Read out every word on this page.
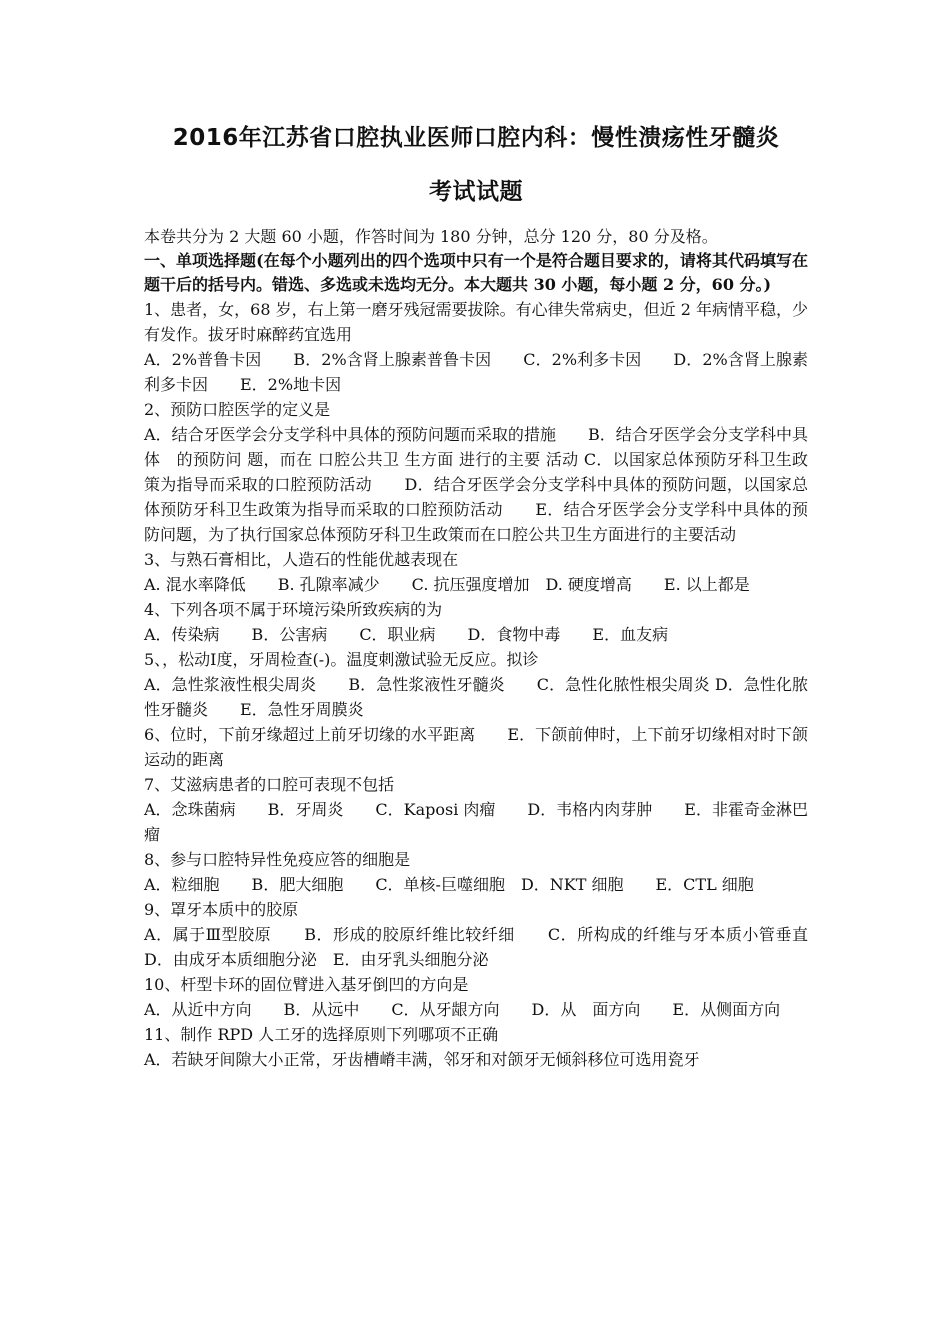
2016年江苏省口腔执业医师口腔内科：慢性溃疡性牙髓炎
考试试题

本卷共分为 2 大题 60 小题，作答时间为 180 分钟，总分 120 分，80 分及格。

一、单项选择题(在每个小题列出的四个选项中只有一个是符合题目要求的，请将其代码填写在题干后的括号内。错选、多选或未选均无分。本大题共 30 小题，每小题 2 分，60 分。)

1、患者，女，68 岁，右上第一磨牙残冠需要拔除。有心律失常病史，但近 2 年病情平稳，少有发作。拔牙时麻醉药宜选用

A．2%普鲁卡因　　B．2%含肾上腺素普鲁卡因　　C．2%利多卡因　　D．2%含肾上腺素利多卡因　　E．2%地卡因

2、预防口腔医学的定义是

A．结合牙医学会分支学科中具体的预防问题而采取的措施　　B．结合牙医学会分支学科中具体　的预防问 题，而在 口腔公共卫 生方面 进行的主要 活动 C．以国家总体预防牙科卫生政策为指导而采取的口腔预防活动　　D．结合牙医学会分支学科中具体的预防问题，以国家总体预防牙科卫生政策为指导而采取的口腔预防活动　　E．结合牙医学会分支学科中具体的预防问题，为了执行国家总体预防牙科卫生政策而在口腔公共卫生方面进行的主要活动

3、与熟石膏相比，人造石的性能优越表现在

A. 混水率降低　　B. 孔隙率减少　　C. 抗压强度增加　D. 硬度增高　　E. 以上都是

4、下列各项不属于环境污染所致疾病的为

A．传染病　　B．公害病　　C．职业病　　D．食物中毒　　E．血友病

5、，松动Ⅰ度，牙周检查(-)。温度刺激试验无反应。拟诊

A．急性浆液性根尖周炎　　B．急性浆液性牙髓炎　　C．急性化脓性根尖周炎 D．急性化脓性牙髓炎　　E．急性牙周膜炎

6、位时，下前牙缘超过上前牙切缘的水平距离　　E．下颌前伸时，上下前牙切缘相对时下颌运动的距离

7、艾滋病患者的口腔可表现不包括

A．念珠菌病　　B．牙周炎　　C．Kaposi 肉瘤　　D．韦格内肉芽肿　　E．非霍奇金淋巴瘤

8、参与口腔特异性免疫应答的细胞是

A．粒细胞　　B．肥大细胞　　C．单核-巨噬细胞　D．NKT 细胞　　E．CTL 细胞

9、罩牙本质中的胶原

A．属于Ⅲ型胶原　　B．形成的胶原纤维比较纤细　　C．所构成的纤维与牙本质小管垂直　　D．由成牙本质细胞分泌　E．由牙乳头细胞分泌

10、杆型卡环的固位臂进入基牙倒凹的方向是

A．从近中方向　　B．从远中　　C．从牙龈方向　　D．从　面方向　　E．从侧面方向

11、制作 RPD 人工牙的选择原则下列哪项不正确

A．若缺牙间隙大小正常，牙齿槽嵴丰满，邻牙和对颌牙无倾斜移位可选用瓷牙
